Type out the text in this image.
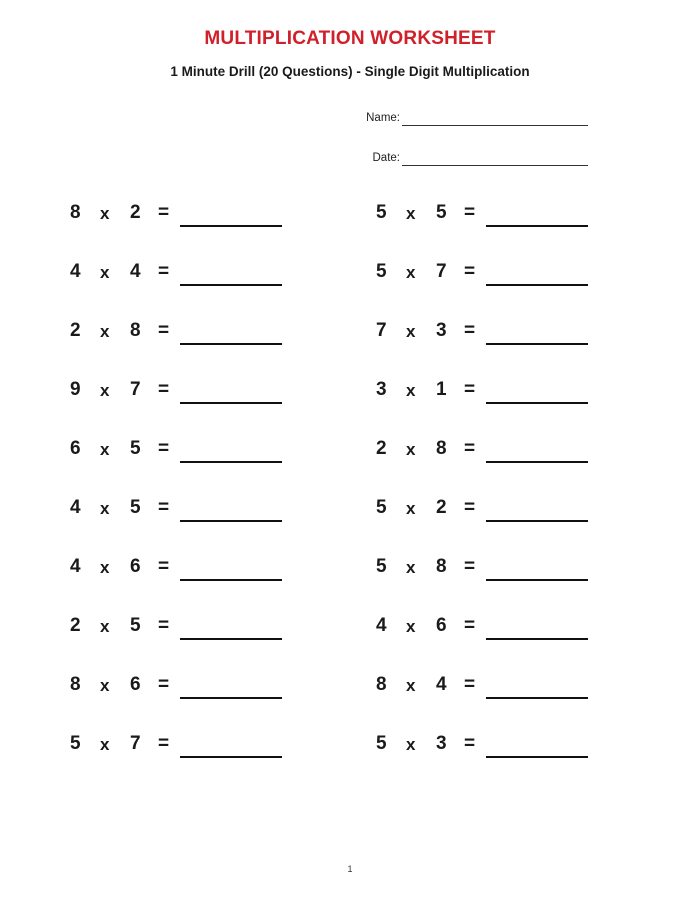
MULTIPLICATION WORKSHEET
1 Minute Drill (20 Questions) - Single Digit Multiplication
Name:
Date:
8 x 2 =
4 x 4 =
2 x 8 =
9 x 7 =
6 x 5 =
4 x 5 =
4 x 6 =
2 x 5 =
8 x 6 =
5 x 7 =
5 x 5 =
5 x 7 =
7 x 3 =
3 x 1 =
2 x 8 =
5 x 2 =
5 x 8 =
4 x 6 =
8 x 4 =
5 x 3 =
1
